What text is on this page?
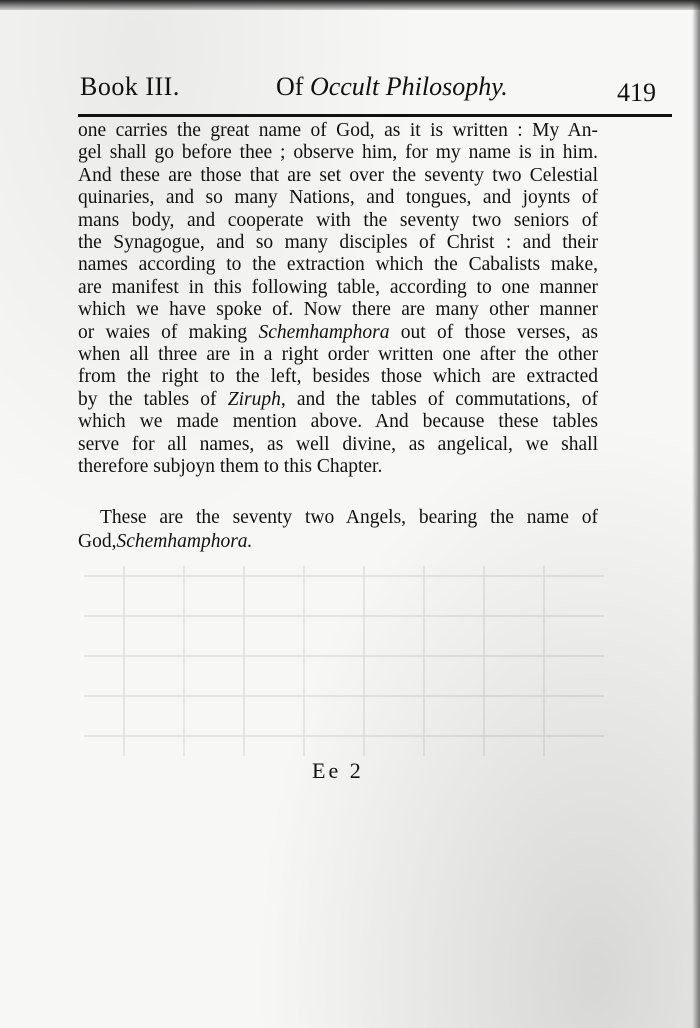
Book III.	Of Occult Philosophy.	419
one carries the great name of God, as it is written : My An-
gel shall go before thee ; observe him, for my name is in him.
And these are those that are set over the seventy two Celestial
quinaries, and so many Nations, and tongues, and joynts of
mans body, and cooperate with the seventy two seniors of
the Synagogue, and so many disciples of Christ : and their
names according to the extraction which the Cabalists make,
are manifest in this following table, according to one manner
which we have spoke of. Now there are many other manner
or waies of making Schemhamphora out of those verses, as
when all three are in a right order written one after the other
from the right to the left, besides those which are extracted
by the tables of Ziruph, and the tables of commutations, of
which we made mention above. And because these tables
serve for all names, as well divine, as angelical, we shall
therefore subjoyn them to this Chapter.
These are the seventy two Angels, bearing the name of
God,Schemhamphora.
Ee 2
